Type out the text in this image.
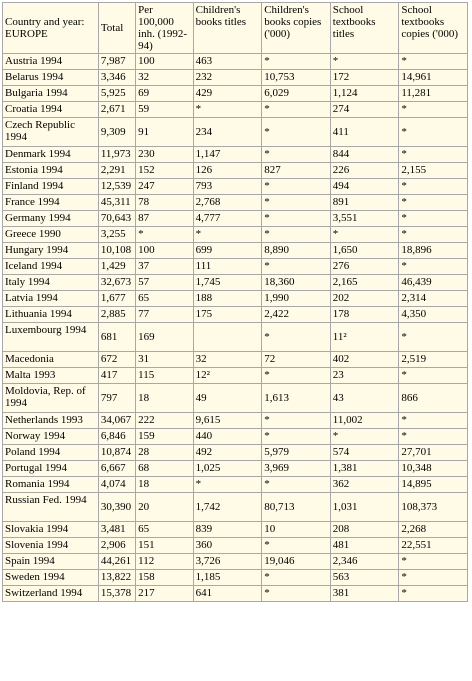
Country and year: EUROPE	Total	Per 100,000 inh. (1992-94)	Children's books titles	Children's books copies ('000)	School textbooks titles	School textbooks copies ('000)
Austria 1994	7,987	100	463	*	*	*
Belarus 1994	3,346	32	232	10,753	172	14,961
Bulgaria 1994	5,925	69	429	6,029	1,124	11,281
Croatia 1994	2,671	59	*	*	274	*
Czech Republic 1994	9,309	91	234	*	411	*
Denmark 1994	11,973	230	1,147	*	844	*
Estonia 1994	2,291	152	126	827	226	2,155
Finland 1994	12,539	247	793	*	494	*
France 1994	45,311	78	2,768	*	891	*
Germany 1994	70,643	87	4,777	*	3,551	*
Greece 1990	3,255	*	*	*	*	*
Hungary 1994	10,108	100	699	8,890	1,650	18,896
Iceland 1994	1,429	37	111	*	276	*
Italy 1994	32,673	57	1,745	18,360	2,165	46,439
Latvia 1994	1,677	65	188	1,990	202	2,314
Lithuania 1994	2,885	77	175	2,422	178	4,350
Luxembourg 1994	681	169		*	11²	*
Macedonia	672	31	32	72	402	2,519
Malta 1993	417	115	12²	*	23	*
Moldovia, Rep. of 1994	797	18	49	1,613	43	866
Netherlands 1993	34,067	222	9,615	*	11,002	*
Norway 1994	6,846	159	440	*	*	*
Poland 1994	10,874	28	492	5,979	574	27,701
Portugal 1994	6,667	68	1,025	3,969	1,381	10,348
Romania 1994	4,074	18	*	*	362	14,895
Russian Fed. 1994	30,390	20	1,742	80,713	1,031	108,373
Slovakia 1994	3,481	65	839	10	208	2,268
Slovenia 1994	2,906	151	360	*	481	22,551
Spain 1994	44,261	112	3,726	19,046	2,346	*
Sweden 1994	13,822	158	1,185	*	563	*
Switzerland 1994	15,378	217	641	*	381	*
